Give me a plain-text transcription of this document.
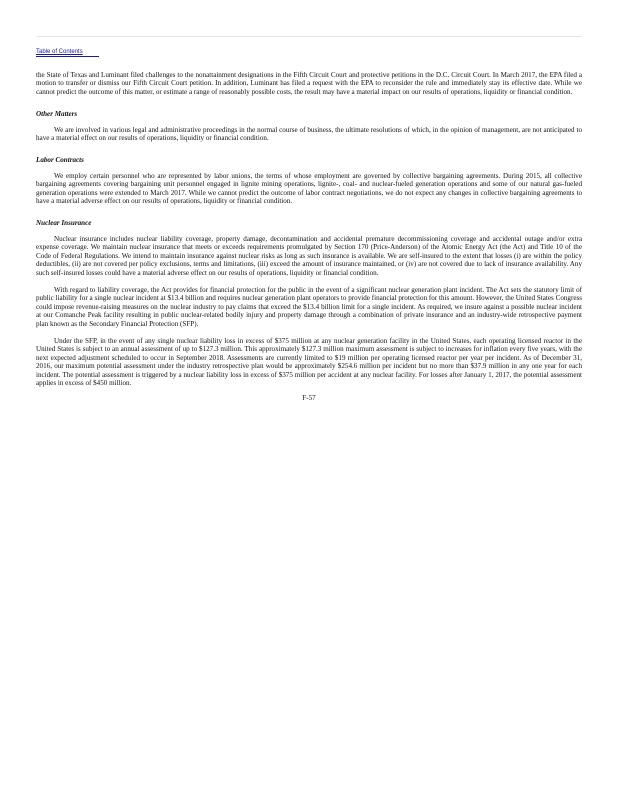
Table of Contents

the State of Texas and Luminant filed challenges to the nonattainment designations in the Fifth Circuit Court and protective petitions in the D.C. Circuit Court. In March 2017, the EPA filed a motion to transfer or dismiss our Fifth Circuit Court petition. In addition, Luminant has filed a request with the EPA to reconsider the rule and immediately stay its effective date. While we cannot predict the outcome of this matter, or estimate a range of reasonably possible costs, the result may have a material impact on our results of operations, liquidity or financial condition.

Other Matters

We are involved in various legal and administrative proceedings in the normal course of business, the ultimate resolutions of which, in the opinion of management, are not anticipated to have a material effect on our results of operations, liquidity or financial condition.

Labor Contracts

We employ certain personnel who are represented by labor unions, the terms of whose employment are governed by collective bargaining agreements. During 2015, all collective bargaining agreements covering bargaining unit personnel engaged in lignite mining operations, lignite-, coal- and nuclear-fueled generation operations and some of our natural gas-fueled generation operations were extended to March 2017. While we cannot predict the outcome of labor contract negotiations, we do not expect any changes in collective bargaining agreements to have a material adverse effect on our results of operations, liquidity or financial condition.

Nuclear Insurance

Nuclear insurance includes nuclear liability coverage, property damage, decontamination and accidental premature decommissioning coverage and accidental outage and/or extra expense coverage. We maintain nuclear insurance that meets or exceeds requirements promulgated by Section 170 (Price-Anderson) of the Atomic Energy Act (the Act) and Title 10 of the Code of Federal Regulations. We intend to maintain insurance against nuclear risks as long as such insurance is available. We are self-insured to the extent that losses (i) are within the policy deductibles, (ii) are not covered per policy exclusions, terms and limitations, (iii) exceed the amount of insurance maintained, or (iv) are not covered due to lack of insurance availability. Any such self-insured losses could have a material adverse effect on our results of operations, liquidity or financial condition.

With regard to liability coverage, the Act provides for financial protection for the public in the event of a significant nuclear generation plant incident. The Act sets the statutory limit of public liability for a single nuclear incident at $13.4 billion and requires nuclear generation plant operators to provide financial protection for this amount. However, the United States Congress could impose revenue-raising measures on the nuclear industry to pay claims that exceed the $13.4 billion limit for a single incident. As required, we insure against a possible nuclear incident at our Comanche Peak facility resulting in public nuclear-related bodily injury and property damage through a combination of private insurance and an industry-wide retrospective payment plan known as the Secondary Financial Protection (SFP).

Under the SFP, in the event of any single nuclear liability loss in excess of $375 million at any nuclear generation facility in the United States, each operating licensed reactor in the United States is subject to an annual assessment of up to $127.3 million. This approximately $127.3 million maximum assessment is subject to increases for inflation every five years, with the next expected adjustment scheduled to occur in September 2018. Assessments are currently limited to $19 million per operating licensed reactor per year per incident. As of December 31, 2016, our maximum potential assessment under the industry retrospective plan would be approximately $254.6 million per incident but no more than $37.9 million in any one year for each incident. The potential assessment is triggered by a nuclear liability loss in excess of $375 million per accident at any nuclear facility. For losses after January 1, 2017, the potential assessment applies in excess of $450 million.

F-57
